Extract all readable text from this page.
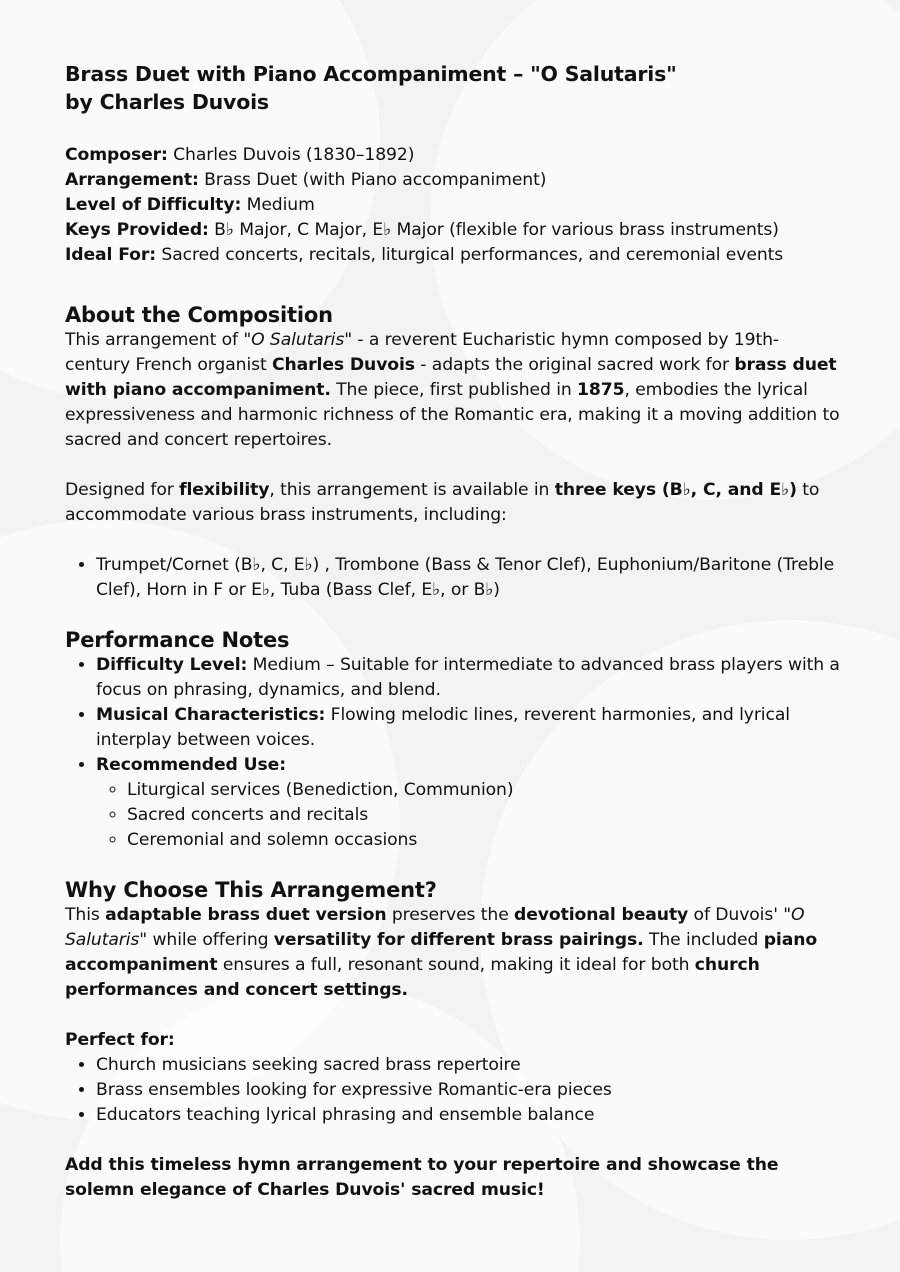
Brass Duet with Piano Accompaniment – "O Salutaris"
by Charles Duvois

Composer: Charles Duvois (1830–1892)

Arrangement: Brass Duet (with Piano accompaniment)

Level of Difficulty: Medium

Keys Provided: B♭ Major, C Major, E♭ Major (flexible for various brass instruments)

Ideal For: Sacred concerts, recitals, liturgical performances, and ceremonial events

About the Composition

This arrangement of "O Salutaris" - a reverent Eucharistic hymn composed by 19th-century French organist Charles Duvois - adapts the original sacred work for brass duet with piano accompaniment. The piece, first published in 1875, embodies the lyrical expressiveness and harmonic richness of the Romantic era, making it a moving addition to sacred and concert repertoires.

Designed for flexibility, this arrangement is available in three keys (B♭, C, and E♭) to accommodate various brass instruments, including:

• Trumpet/Cornet (B♭, C, E♭) , Trombone (Bass & Tenor Clef), Euphonium/Baritone (Treble Clef), Horn in F or E♭, Tuba (Bass Clef, E♭, or B♭)
Performance Notes
• Difficulty Level: Medium – Suitable for intermediate to advanced brass players with a focus on phrasing, dynamics, and blend.
• Musical Characteristics: Flowing melodic lines, reverent harmonies, and lyrical interplay between voices.
• Recommended Use:
◦ Liturgical services (Benediction, Communion)
◦ Sacred concerts and recitals
◦ Ceremonial and solemn occasions
Why Choose This Arrangement?

This adaptable brass duet version preserves the devotional beauty of Duvois' "O Salutaris" while offering versatility for different brass pairings. The included piano accompaniment ensures a full, resonant sound, making it ideal for both church performances and concert settings.

Perfect for:

• Church musicians seeking sacred brass repertoire
• Brass ensembles looking for expressive Romantic-era pieces
• Educators teaching lyrical phrasing and ensemble balance

Add this timeless hymn arrangement to your repertoire and showcase the solemn elegance of Charles Duvois' sacred music!
